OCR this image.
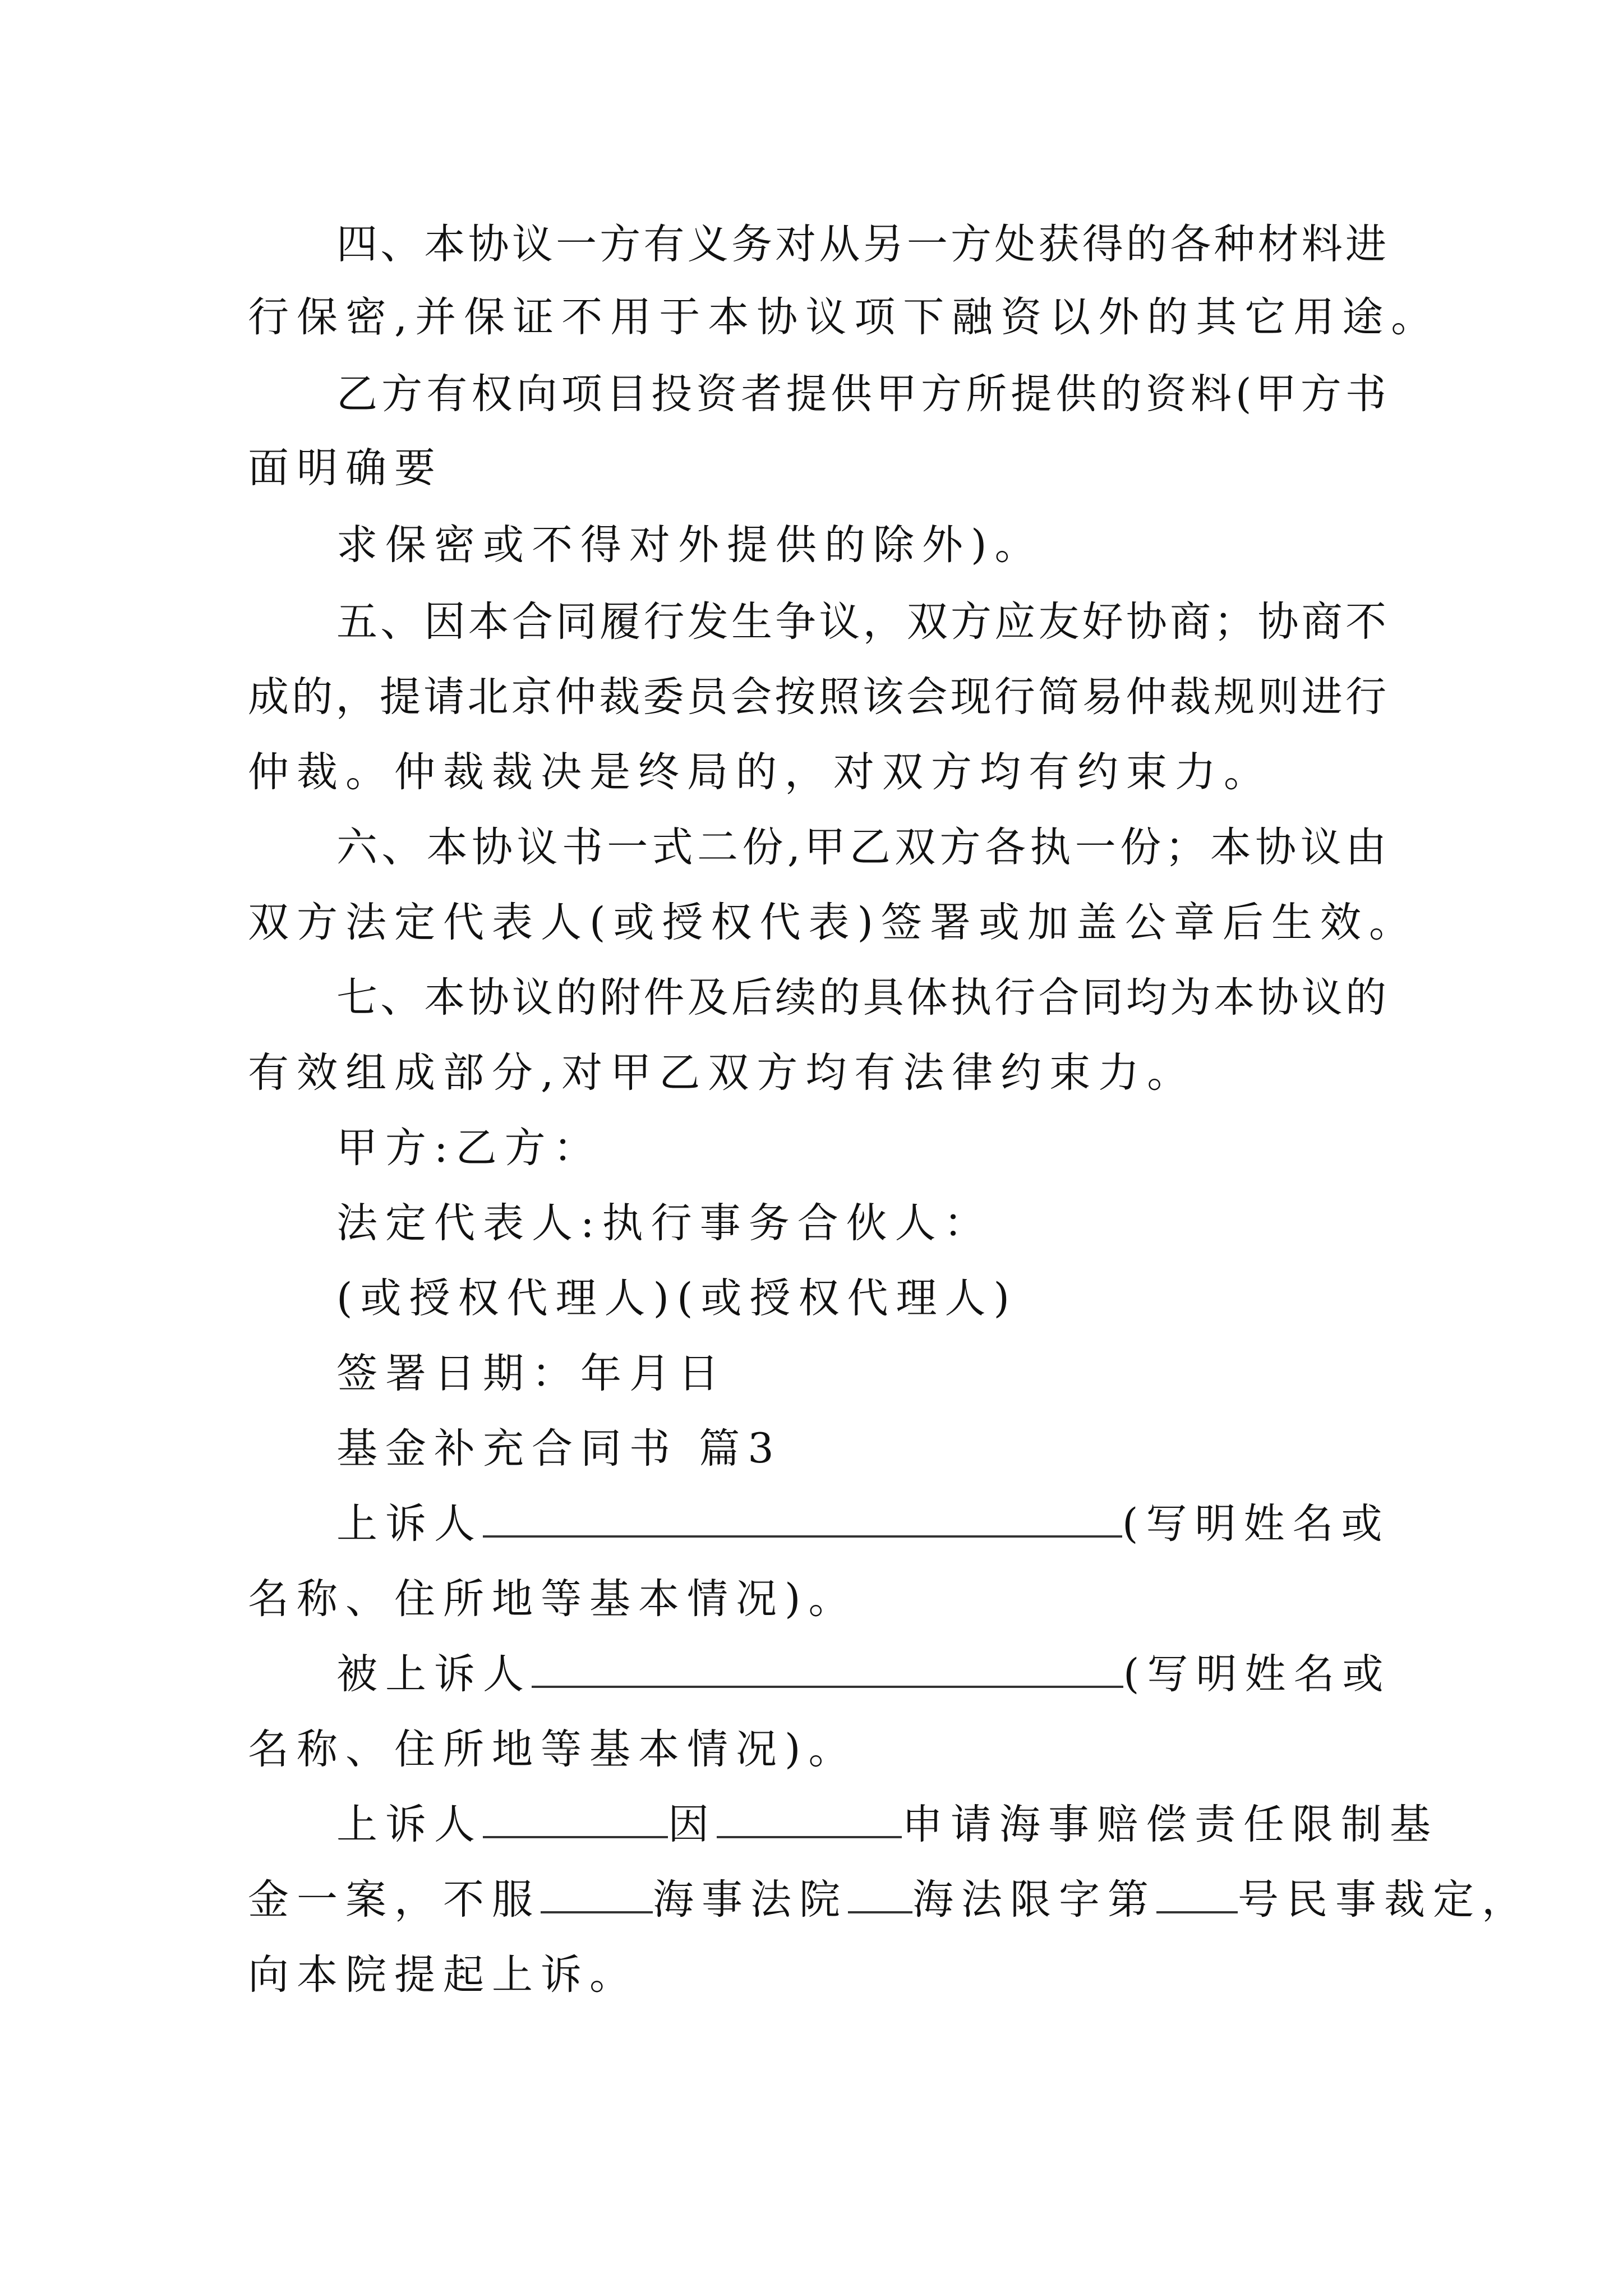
四、本协议一方有义务对从另一方处获得的各种材料进
行保密,并保证不用于本协议项下融资以外的其它用途。
乙方有权向项目投资者提供甲方所提供的资料(甲方书
面明确要
求保密或不得对外提供的除外)。
五、因本合同履行发生争议，双方应友好协商；协商不
成的，提请北京仲裁委员会按照该会现行简易仲裁规则进行
仲裁。仲裁裁决是终局的，对双方均有约束力。
六、本协议书一式二份,甲乙双方各执一份；本协议由
双方法定代表人(或授权代表)签署或加盖公章后生效。
七、本协议的附件及后续的具体执行合同均为本协议的
有效组成部分,对甲乙双方均有法律约束力。
甲方:乙方：
法定代表人:执行事务合伙人：
(或授权代理人)(或授权代理人)
签署日期：年月日
基金补充合同书 篇3
上诉人	(写明姓名或
名称、住所地等基本情况)。
被上诉人	(写明姓名或
名称、住所地等基本情况)。
上诉人	因	申请海事赔偿责任限制基
金一案，不服	海事法院 海法限字第 号民事裁定，
向本院提起上诉。
